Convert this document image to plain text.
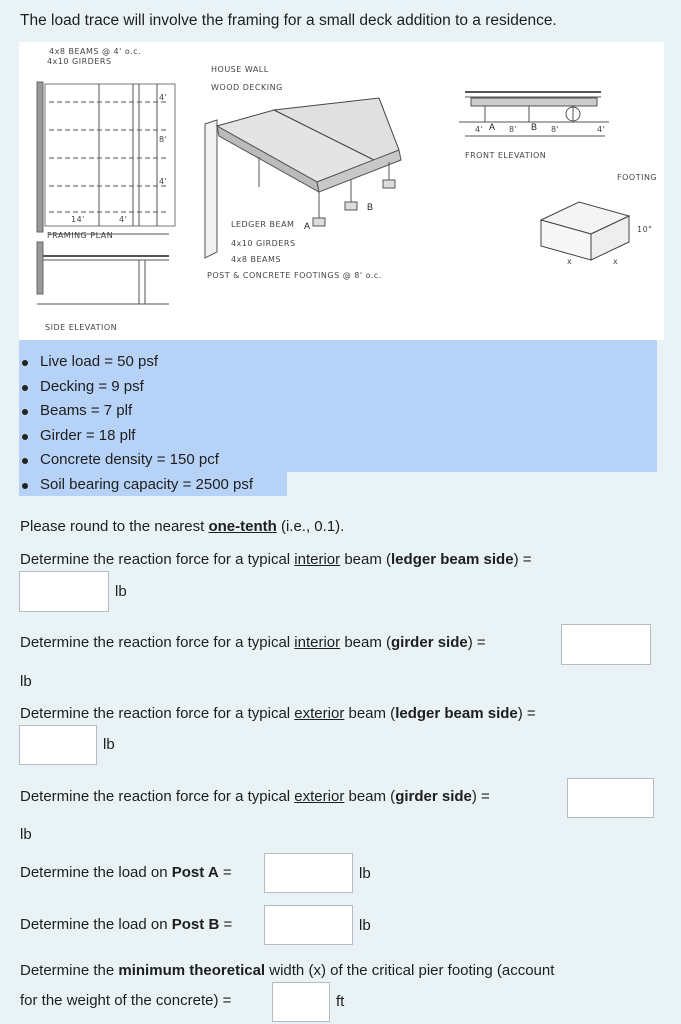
The load trace will involve the framing for a small deck addition to a residence.
4x8 BEAMS @ 4' o.c.
4x10 GIRDERS
4'
8'
4'
14'	4'
FRAMING PLAN
SIDE ELEVATION
HOUSE WALL
WOOD DECKING
LEDGER BEAM
4x10 GIRDERS
4x8 BEAMS
POST & CONCRETE FOOTINGS @ 8' o.c.
A
B
4' A 8' B 8'	4'
FRONT ELEVATION
FOOTING
10"
x	x
Live load = 50 psf
Decking = 9 psf
Beams = 7 plf
Girder = 18 plf
Concrete density = 150 pcf
Soil bearing capacity = 2500 psf
Please round to the nearest one-tenth (i.e., 0.1).
Determine the reaction force for a typical interior beam (ledger beam side) =
lb
Determine the reaction force for a typical interior beam (girder side) =
lb
Determine the reaction force for a typical exterior beam (ledger beam side) =
lb
Determine the reaction force for a typical exterior beam (girder side) =
lb
Determine the load on Post A =	lb
Determine the load on Post B =	lb
Determine the minimum theoretical width (x) of the critical pier footing (account
for the weight of the concrete) =	ft
